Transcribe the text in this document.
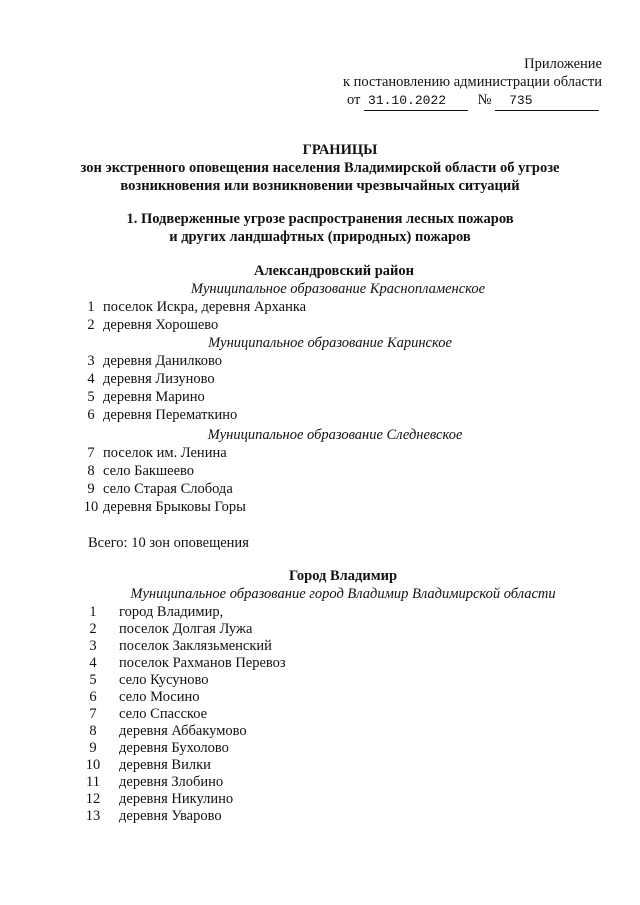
Приложение
к постановлению администрации области
от 31.10.2022 № 735
ГРАНИЦЫ
зон экстренного оповещения населения Владимирской области об угрозе
возникновения или возникновении чрезвычайных ситуаций
1. Подверженные угрозе распространения лесных пожаров
и других ландшафтных (природных) пожаров
Александровский район
Муниципальное образование Краснопламенское
1 поселок Искра, деревня Арханка
2 деревня Хорошево
Муниципальное образование Каринское
3 деревня Данилково
4 деревня Лизуново
5 деревня Марино
6 деревня Перематкино
Муниципальное образование Следневское
7 поселок им. Ленина
8 село Бакшеево
9 село Старая Слобода
10 деревня Брыковы Горы
Всего: 10 зон оповещения
Город Владимир
Муниципальное образование город Владимир Владимирской области
1 город Владимир,
2 поселок Долгая Лужа
3 поселок Заклязьменский
4 поселок Рахманов Перевоз
5 село Кусуново
6 село Мосино
7 село Спасское
8 деревня Аббакумово
9 деревня Бухолово
10 деревня Вилки
11 деревня Злобино
12 деревня Никулино
13 деревня Уварово
